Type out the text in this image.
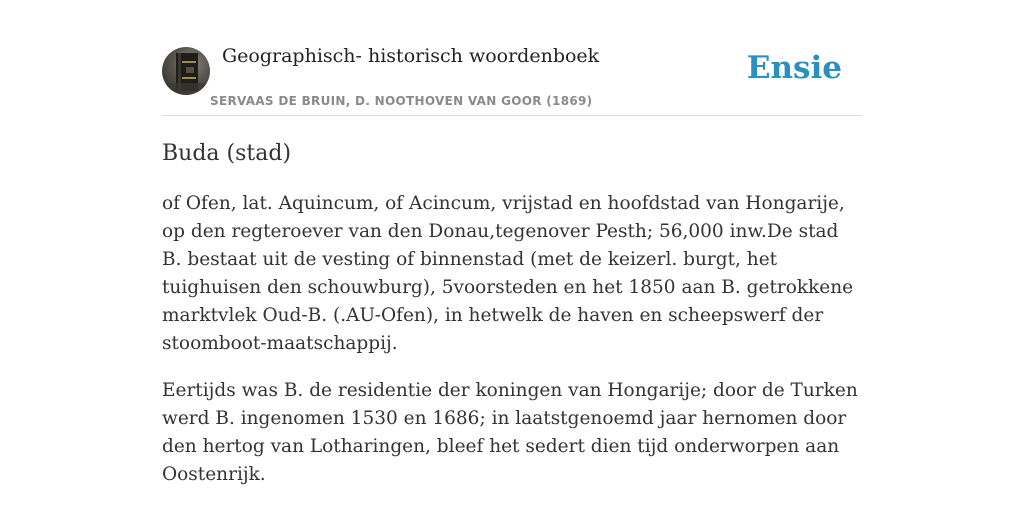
Geographisch- historisch woordenboek
SERVAAS DE BRUIN, D. NOOTHOVEN VAN GOOR (1869)
Ensie
Buda (stad)

of Ofen, lat. Aquincum, of Acincum, vrijstad en hoofdstad van Hongarije, op den regteroever van den Donau,tegenover Pesth; 56,000 inw.De stad B. bestaat uit de vesting of binnenstad (met de keizerl. burgt, het tuighuisen den schouwburg), 5voorsteden en het 1850 aan B. getrokkene marktvlek Oud-B. (.AU-Ofen), in hetwelk de haven en scheepswerf der stoomboot-maatschappij.

Eertijds was B. de residentie der koningen van Hongarije; door de Turken werd B. ingenomen 1530 en 1686; in laatstgenoemd jaar hernomen door den hertog van Lotharingen, bleef het sedert dien tijd onderworpen aan Oostenrijk.
